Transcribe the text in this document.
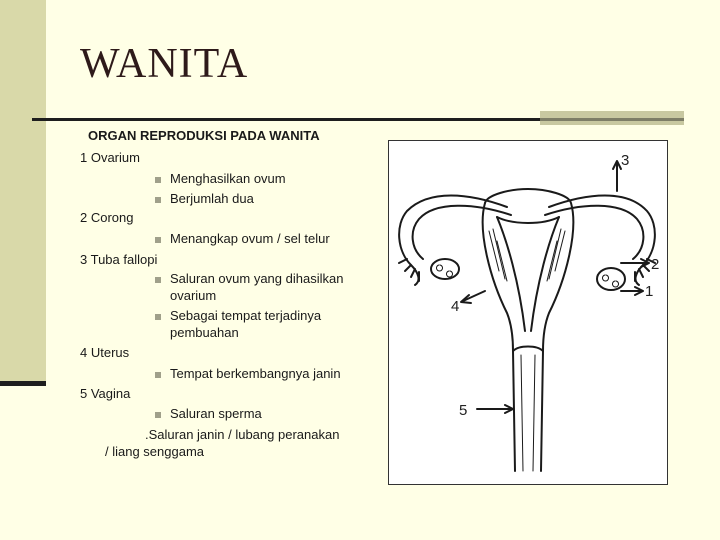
WANITA
ORGAN REPRODUKSI PADA WANITA
1 Ovarium
Menghasilkan ovum
Berjumlah dua
2 Corong
Menangkap ovum / sel telur
3 Tuba fallopi
Saluran ovum yang dihasilkan
ovarium
Sebagai tempat terjadinya
pembuahan
4 Uterus
Tempat berkembangnya janin
5 Vagina
Saluran sperma
.Saluran janin / lubang peranakan
/ liang senggama
3
2
1
4
5
